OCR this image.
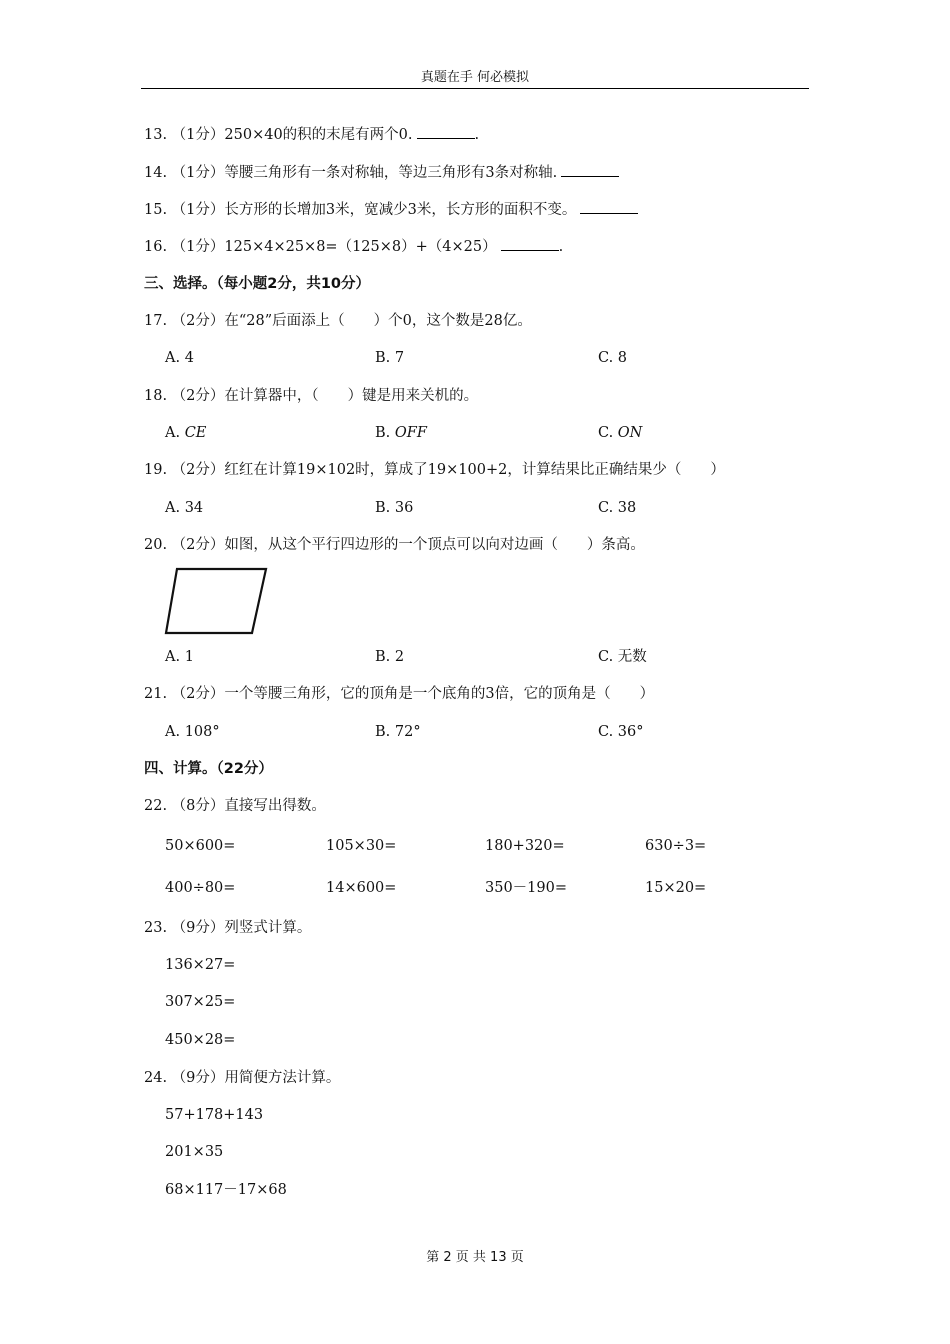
真题在手 何必模拟
13. （1分）250×40的积的末尾有两个0.	.
14. （1分）等腰三角形有一条对称轴，等边三角形有3条对称轴.
15. （1分）长方形的长增加3米，宽减少3米，长方形的面积不变。
16. （1分）125×4×25×8=（125×8）+（4×25）	.
三、选择。（每小题2分，共10分）
17. （2分）在“28”后面添上（　　）个0，这个数是28亿。
A. 4	B. 7	C. 8
18. （2分）在计算器中，（　　）键是用来关机的。
A. CE	B. OFF	C. ON
19. （2分）红红在计算19×102时，算成了19×100+2，计算结果比正确结果少（　　）
A. 34	B. 36	C. 38
20. （2分）如图，从这个平行四边形的一个顶点可以向对边画（　　）条高。
A. 1	B. 2	C. 无数
21. （2分）一个等腰三角形，它的顶角是一个底角的3倍，它的顶角是（　　）
A. 108°	B. 72°	C. 36°
四、计算。（22分）
22. （8分）直接写出得数。
50×600=	105×30=	180+320=	630÷3=
400÷80=	14×600=	350－190=	15×20=
23. （9分）列竖式计算。
136×27=
307×25=
450×28=
24. （9分）用简便方法计算。
57+178+143
201×35
68×117－17×68
第 2 页 共 13 页
